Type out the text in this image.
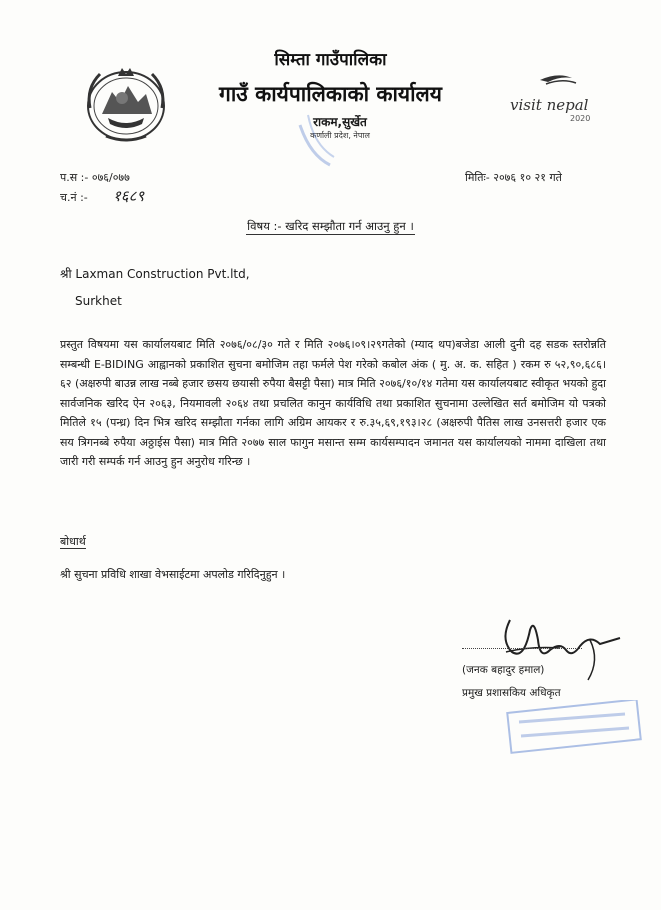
visit nepal
2020
सिम्ता गाउँपालिका
गाउँ कार्यपालिकाको कार्यालय
राकम,सुर्खेत
कर्णाली प्रदेश, नेपाल
प.स :- ०७६/०७७
च.नं :- १६८९
मितिः- २०७६ १० २१ गते
विषय :- खरिद सम्झौता गर्न आउनु हुन ।
श्री Laxman Construction Pvt.ltd,
Surkhet
प्रस्तुत विषयमा यस कार्यालयबाट मिति २०७६/०८/३० गते र मिति २०७६।०९।२९गतेको (म्याद थप)बजेडा आली दुनी दह सडक स्तरोन्नति सम्बन्धी E-BIDING आह्वानको प्रकाशित सुचना बमोजिम तहा फर्मले पेश गरेको कबोल अंक ( मु. अ. क. सहित ) रकम रु ५२,९०,६८६।६२ (अक्षरुपी बाउन्न लाख नब्बे हजार छसय छयासी रुपैया बैसट्टी पैसा) मात्र मिति २०७६/१०/१४ गतेमा यस कार्यालयबाट स्वीकृत भयको हुदा सार्वजनिक खरिद ऐन २०६३, नियमावली २०६४ तथा प्रचलित कानुन कार्यविधि तथा प्रकाशित सुचनामा उल्लेखित सर्त बमोजिम यो पत्रको मितिले १५ (पन्ध्र) दिन भित्र खरिद सम्झौता गर्नका लागि अग्रिम आयकर र रु.३५,६९,१९३।२८ (अक्षरुपी पैतिस लाख उनसत्तरी हजार एक सय त्रिगनब्बे रुपैया अठ्ठाईस पैसा) मात्र मिति २०७७ साल फागुन मसान्त सम्म कार्यसम्पादन जमानत यस कार्यालयको नाममा दाखिला तथा जारी गरी सम्पर्क गर्न आउनु हुन अनुरोध गरिन्छ ।
बोधार्थ
श्री सुचना प्रविधि शाखा वेभसाईटमा अपलोड गरिदिनुहुन ।
(जनक बहादुर हमाल)
प्रमुख प्रशासकिय अधिकृत
